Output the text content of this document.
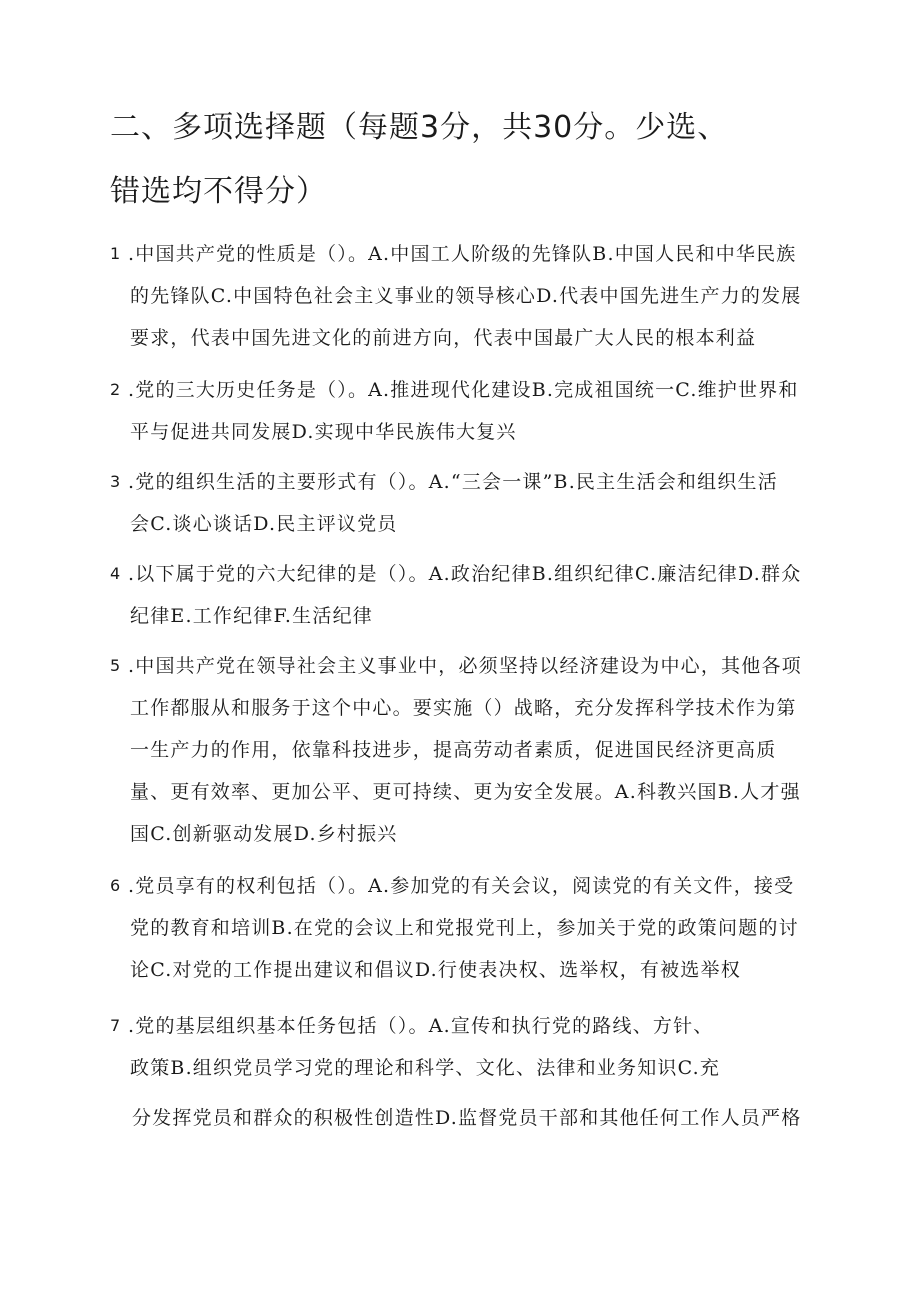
二、多项选择题（每题3分，共30分。少选、
错选均不得分）
1 .中国共产党的性质是（）。A.中国工人阶级的先锋队B.中国人民和中华民族
的先锋队C.中国特色社会主义事业的领导核心D.代表中国先进生产力的发展
要求，代表中国先进文化的前进方向，代表中国最广大人民的根本利益
2 .党的三大历史任务是（）。A.推进现代化建设B.完成祖国统一C.维护世界和
平与促进共同发展D.实现中华民族伟大复兴
3 .党的组织生活的主要形式有（）。A.“三会一课”B.民主生活会和组织生活
会C.谈心谈话D.民主评议党员
4 .以下属于党的六大纪律的是（）。A.政治纪律B.组织纪律C.廉洁纪律D.群众
纪律E.工作纪律F.生活纪律
5 .中国共产党在领导社会主义事业中，必须坚持以经济建设为中心，其他各项
工作都服从和服务于这个中心。要实施（）战略，充分发挥科学技术作为第
一生产力的作用，依靠科技进步，提高劳动者素质，促进国民经济更高质
量、更有效率、更加公平、更可持续、更为安全发展。A.科教兴国B.人才强
国C.创新驱动发展D.乡村振兴
6 .党员享有的权利包括（）。A.参加党的有关会议，阅读党的有关文件，接受
党的教育和培训B.在党的会议上和党报党刊上，参加关于党的政策问题的讨
论C.对党的工作提出建议和倡议D.行使表决权、选举权，有被选举权
7 .党的基层组织基本任务包括（）。A.宣传和执行党的路线、方针、
政策B.组织党员学习党的理论和科学、文化、法律和业务知识C.充
分发挥党员和群众的积极性创造性D.监督党员干部和其他任何工作人员严格
